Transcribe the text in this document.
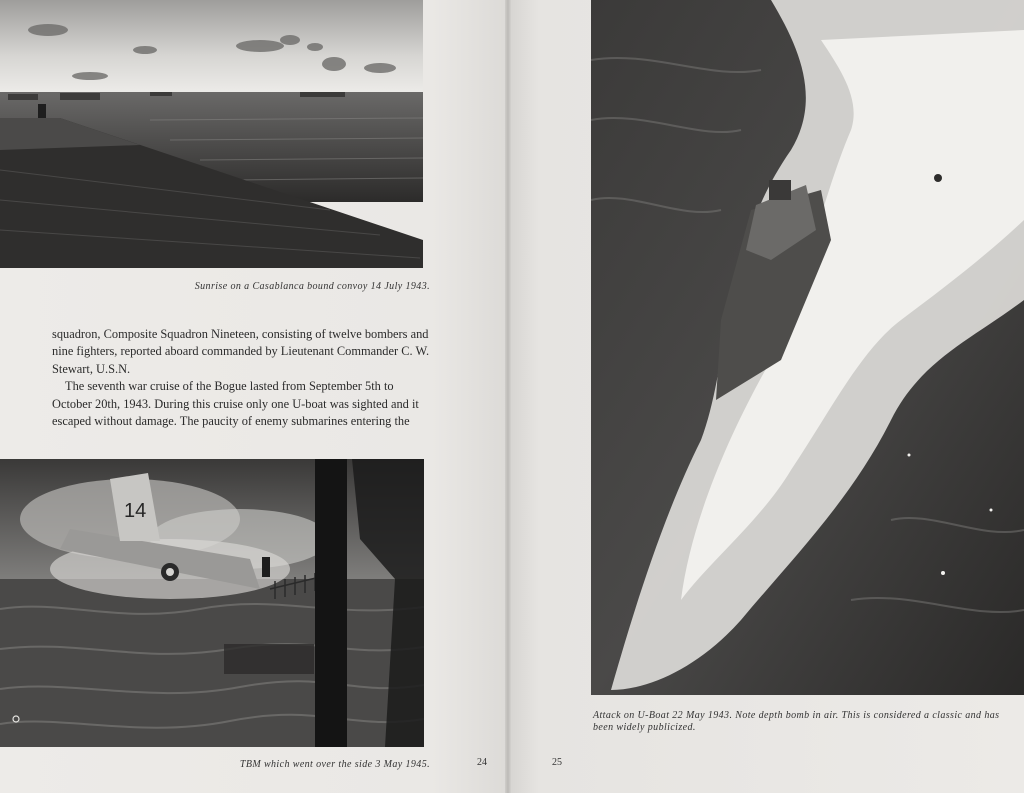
Sunrise on a Casablanca bound convoy 14 July 1943.

squadron, Composite Squadron Nineteen, consisting of twelve bombers and nine fighters, reported aboard commanded by Lieutenant Commander C. W. Stewart, U.S.N.

The seventh war cruise of the Bogue lasted from September 5th to October 20th, 1943. During this cruise only one U-boat was sighted and it escaped without damage. The paucity of enemy submarines entering the

14
TBM which went over the side 3 May 1945.	24	25
Attack on U-Boat 22 May 1943. Note depth bomb in air. This is considered a classic and has been widely publicized.
